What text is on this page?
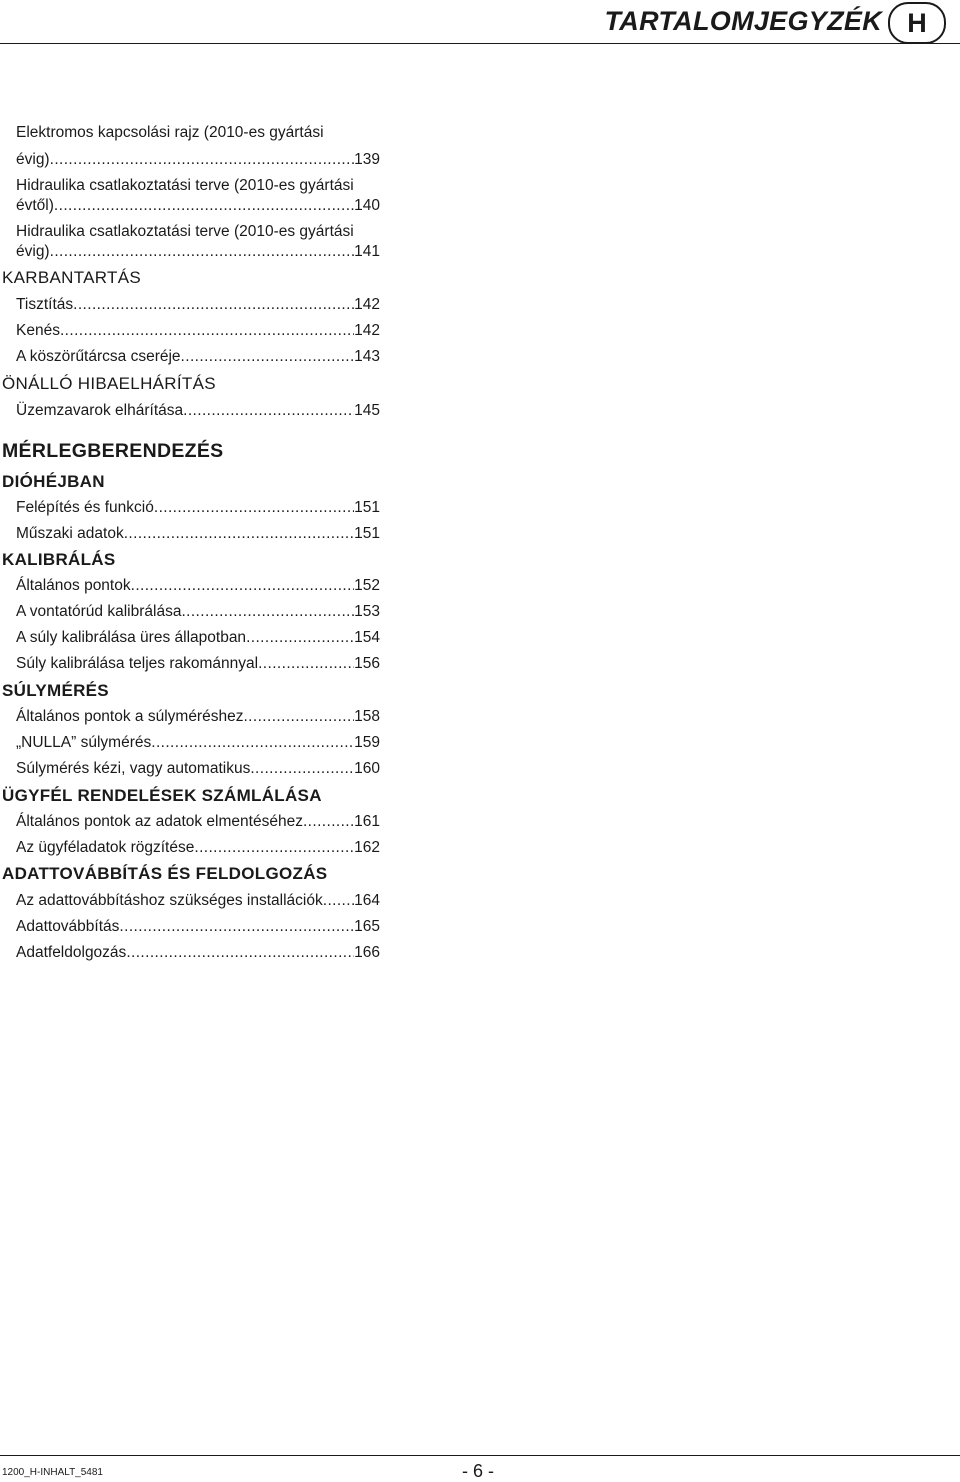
TARTALOMJEGYZÉK H
Elektromos kapcsolási rajz (2010-es gyártási
évig) .....	139
Hidraulika csatlakoztatási terve (2010-es gyártási
évtől) .....	140
Hidraulika csatlakoztatási terve (2010-es gyártási
évig) .....	141
KARBANTARTÁS
Tisztítás .....	142
Kenés .....	142
A köszörűtárcsa cseréje .....	143
ÖNÁLLÓ HIBAELHÁRÍTÁS
Üzemzavarok elhárítása .....	145
MÉRLEGBERENDEZÉS
DIÓHÉJBAN
Felépítés és funkció .....	151
Műszaki adatok .....	151
KALIBRÁLÁS
Általános pontok .....	152
A vontatórúd kalibrálása .....	153
A súly kalibrálása üres állapotban .....	154
Súly kalibrálása teljes rakománnyal .....	156
SÚLYMÉRÉS
Általános pontok a súlyméréshez .....	158
„NULLA” súlymérés .....	159
Súlymérés kézi, vagy automatikus .....	160
ÜGYFÉL RENDELÉSEK SZÁMLÁLÁSA
Általános pontok az adatok elmentéséhez .....	161
Az ügyféladatok rögzítése .....	162
ADATTOVÁBBÍTÁS ÉS FELDOLGOZÁS
Az adattovábbításhoz szükséges installációk ..... 164
Adattovábbítás .....	165
Adatfeldolgozás .....	166
1200_H-INHALT_5481	- 6 -
